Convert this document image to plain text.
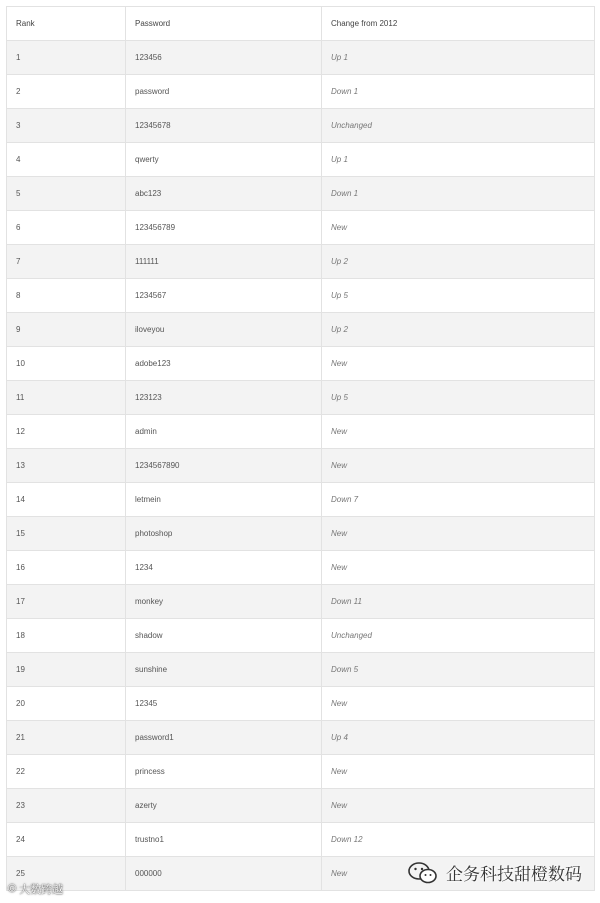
Rank	Password	Change from 2012
1	123456	Up 1
2	password	Down 1
3	12345678	Unchanged
4	qwerty	Up 1
5	abc123	Down 1
6	123456789	New
7	111111	Up 2
8	1234567	Up 5
9	iloveyou	Up 2
10	adobe123	New
11	123123	Up 5
12	admin	New
13	1234567890	New
14	letmein	Down 7
15	photoshop	New
16	1234	New
17	monkey	Down 11
18	shadow	Unchanged
19	sunshine	Down 5
20	12345	New
21	password1	Up 4
22	princess	New
23	azerty	New
24	trustno1	Down 12
25	000000	New
© 大数跨越
企务科技甜橙数码
